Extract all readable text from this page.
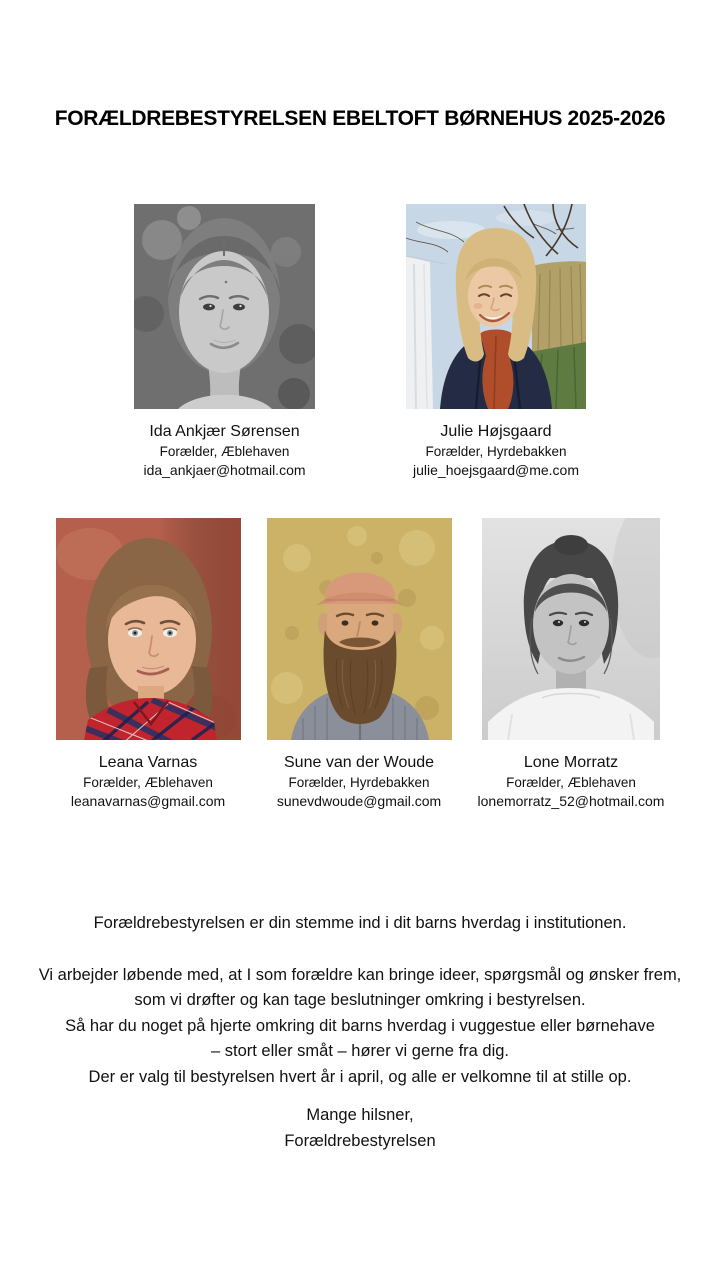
FORÆLDREBESTYRELSEN EBELTOFT BØRNEHUS 2025-2026
Ida Ankjær Sørensen
Forælder, Æblehaven
ida_ankjaer@hotmail.com
Julie Højsgaard
Forælder, Hyrdebakken
julie_hoejsgaard@me.com
Leana Varnas
Forælder, Æblehaven
leanavarnas@gmail.com
Sune van der Woude
Forælder, Hyrdebakken
sunevdwoude@gmail.com
Lone Morratz
Forælder, Æblehaven
lonemorratz_52@hotmail.com

Forældrebestyrelsen er din stemme ind i dit barns hverdag i institutionen.

Vi arbejder løbende med, at I som forældre kan bringe ideer, spørgsmål og ønsker frem,
som vi drøfter og kan tage beslutninger omkring i bestyrelsen.
Så har du noget på hjerte omkring dit barns hverdag i vuggestue eller børnehave
– stort eller småt – hører vi gerne fra dig.
Der er valg til bestyrelsen hvert år i april, og alle er velkomne til at stille op.
Mange hilsner,
Forældrebestyrelsen
